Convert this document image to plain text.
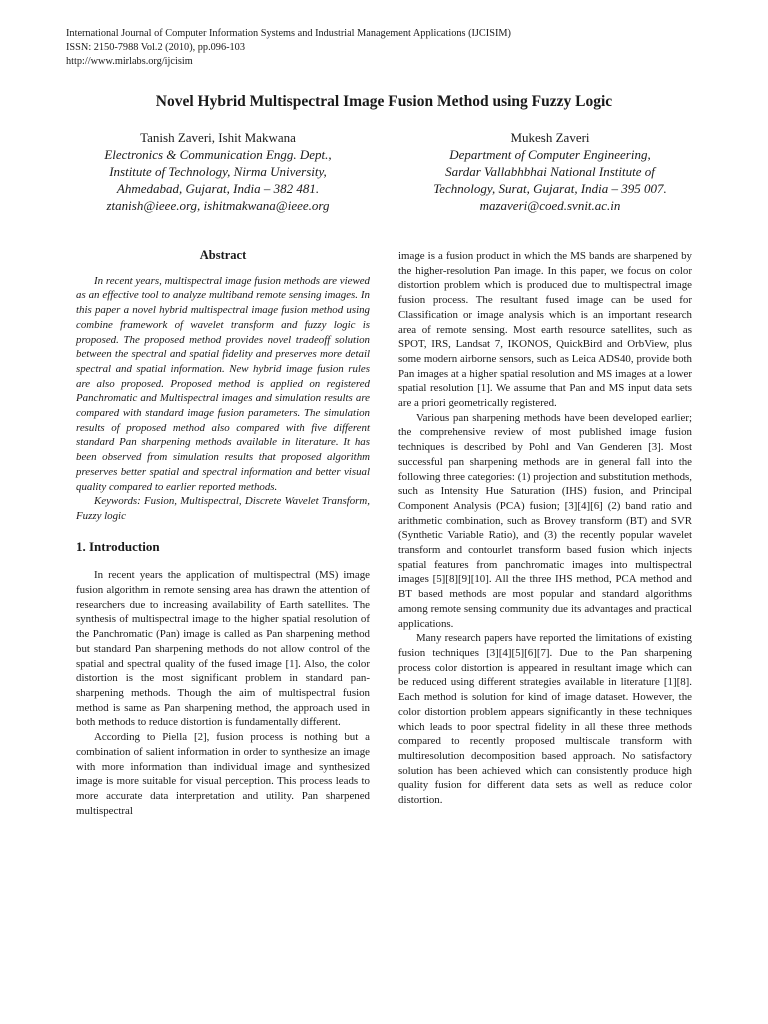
International Journal of Computer Information Systems and Industrial Management Applications (IJCISIM)
ISSN: 2150-7988 Vol.2 (2010), pp.096-103
http://www.mirlabs.org/ijcisim
Novel Hybrid Multispectral Image Fusion Method using Fuzzy Logic
Tanish Zaveri, Ishit Makwana
Electronics & Communication Engg. Dept.,
Institute of Technology, Nirma University,
Ahmedabad, Gujarat, India – 382 481.
ztanish@ieee.org, ishitmakwana@ieee.org
Mukesh Zaveri
Department of Computer Engineering,
Sardar Vallabhbhai National Institute of
Technology, Surat, Gujarat, India – 395 007.
mazaveri@coed.svnit.ac.in
Abstract

In recent years, multispectral image fusion methods are viewed as an effective tool to analyze multiband remote sensing images. In this paper a novel hybrid multispectral image fusion method using combine framework of wavelet transform and fuzzy logic is proposed. The proposed method provides novel tradeoff solution between the spectral and spatial fidelity and preserves more detail spectral and spatial information. New hybrid image fusion rules are also proposed. Proposed method is applied on registered Panchromatic and Multispectral images and simulation results are compared with standard image fusion parameters. The simulation results of proposed method also compared with five different standard Pan sharpening methods available in literature. It has been observed from simulation results that proposed algorithm preserves better spatial and spectral information and better visual quality compared to earlier reported methods.

Keywords: Fusion, Multispectral, Discrete Wavelet Transform, Fuzzy logic

1. Introduction

In recent years the application of multispectral (MS) image fusion algorithm in remote sensing area has drawn the attention of researchers due to increasing availability of Earth satellites. The synthesis of multispectral image to the higher spatial resolution of the Panchromatic (Pan) image is called as Pan sharpening method but standard Pan sharpening methods do not allow control of the spatial and spectral quality of the fused image [1]. Also, the color distortion is the most significant problem in standard pan-sharpening methods. Though the aim of multispectral fusion method is same as Pan sharpening method, the approach used in both methods to reduce distortion is fundamentally different.

According to Piella [2], fusion process is nothing but a combination of salient information in order to synthesize an image with more information than individual image and synthesized image is more suitable for visual perception. This process leads to more accurate data interpretation and utility. Pan sharpened multispectral

image is a fusion product in which the MS bands are sharpened by the higher-resolution Pan image. In this paper, we focus on color distortion problem which is produced due to multispectral image fusion process. The resultant fused image can be used for Classification or image analysis which is an important research area of remote sensing. Most earth resource satellites, such as SPOT, IRS, Landsat 7, IKONOS, QuickBird and OrbView, plus some modern airborne sensors, such as Leica ADS40, provide both Pan images at a higher spatial resolution and MS images at a lower spatial resolution [1]. We assume that Pan and MS input data sets are a priori geometrically registered.

Various pan sharpening methods have been developed earlier; the comprehensive review of most published image fusion techniques is described by Pohl and Van Genderen [3]. Most successful pan sharpening methods are in general fall into the following three categories: (1) projection and substitution methods, such as Intensity Hue Saturation (IHS) fusion, and Principal Component Analysis (PCA) fusion; [3][4][6] (2) band ratio and arithmetic combination, such as Brovey transform (BT) and SVR (Synthetic Variable Ratio), and (3) the recently popular wavelet transform and contourlet transform based fusion which injects spatial features from panchromatic images into multispectral images [5][8][9][10]. All the three IHS method, PCA method and BT based methods are most popular and standard algorithms among remote sensing community due its advantages and practical applications.

Many research papers have reported the limitations of existing fusion techniques [3][4][5][6][7]. Due to the Pan sharpening process color distortion is appeared in resultant image which can be reduced using different strategies available in literature [1][8]. Each method is solution for kind of image dataset. However, the color distortion problem appears significantly in these techniques which leads to poor spectral fidelity in all these three methods compared to recently proposed multiscale transform with multiresolution decomposition based approach. No satisfactory solution has been achieved which can consistently produce high quality fusion for different data sets as well as reduce color distortion.
